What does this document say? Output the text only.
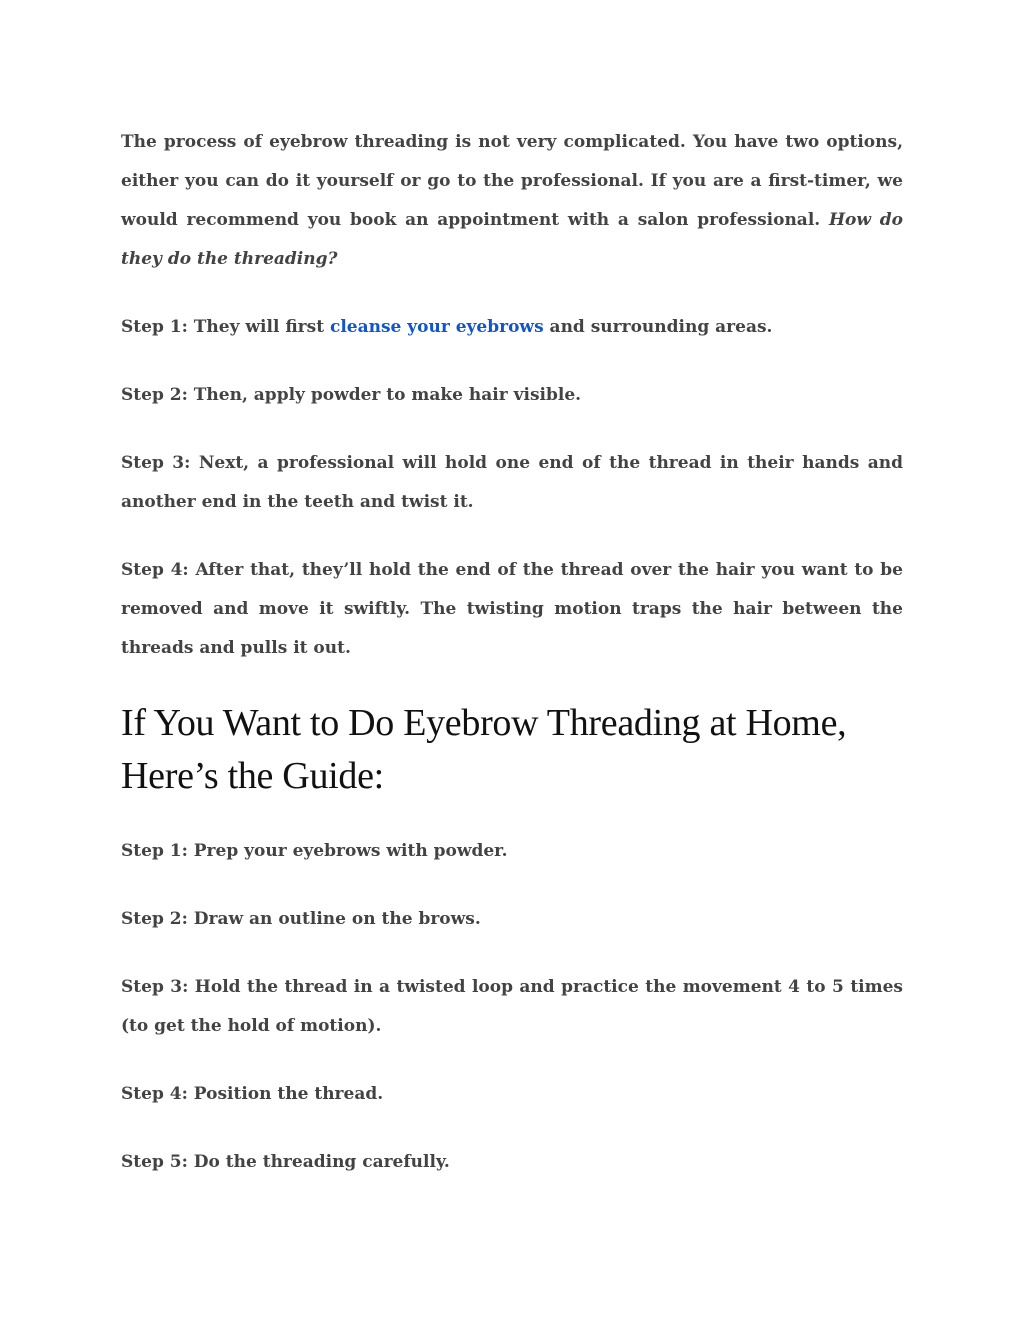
The process of eyebrow threading is not very complicated. You have two options, either you can do it yourself or go to the professional. If you are a first-timer, we would recommend you book an appointment with a salon professional. How do they do the threading?

Step 1: They will first cleanse your eyebrows and surrounding areas.

Step 2: Then, apply powder to make hair visible.

Step 3: Next, a professional will hold one end of the thread in their hands and another end in the teeth and twist it.

Step 4: After that, they’ll hold the end of the thread over the hair you want to be removed and move it swiftly. The twisting motion traps the hair between the threads and pulls it out.

If You Want to Do Eyebrow Threading at Home, Here’s the Guide:

Step 1: Prep your eyebrows with powder.

Step 2: Draw an outline on the brows.

Step 3: Hold the thread in a twisted loop and practice the movement 4 to 5 times (to get the hold of motion).

Step 4: Position the thread.

Step 5: Do the threading carefully.
